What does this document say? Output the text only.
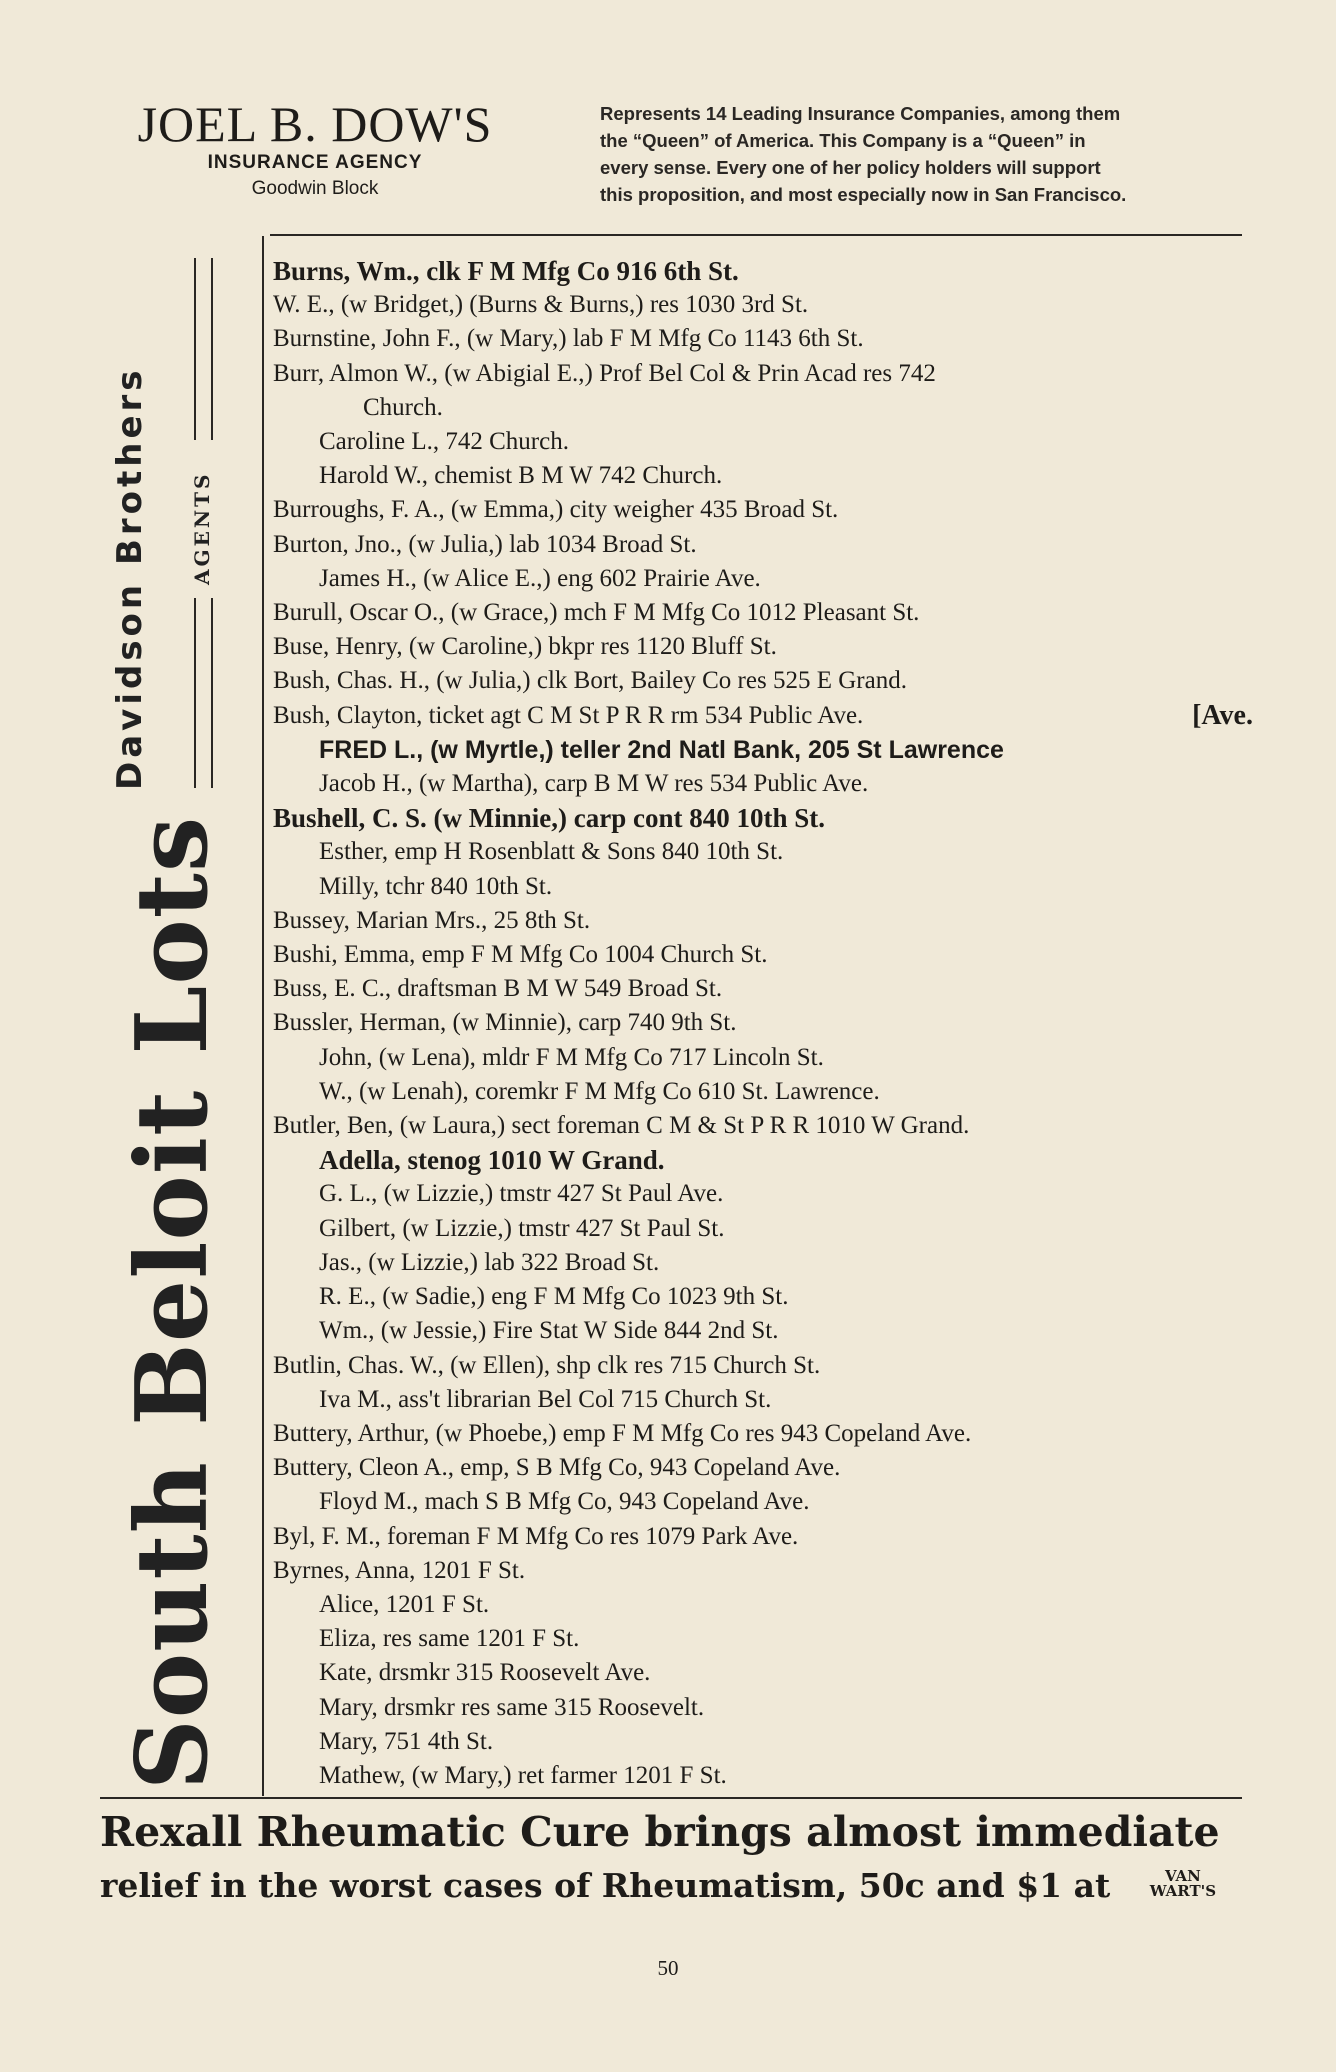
JOEL B. DOW'S
INSURANCE AGENCY
Goodwin Block
Represents 14 Leading Insurance Companies, among them
the “Queen” of America. This Company is a “Queen” in
every sense. Every one of her policy holders will support
this proposition, and most especially now in San Francisco.
South Beloit Lots
Davidson Brothers AGENTS
Burns, Wm., clk F M Mfg Co 916 6th St.
W. E., (w Bridget,) (Burns & Burns,) res 1030 3rd St.
Burnstine, John F., (w Mary,) lab F M Mfg Co 1143 6th St.
Burr, Almon W., (w Abigial E.,) Prof Bel Col & Prin Acad res 742
Church.
Caroline L., 742 Church.
Harold W., chemist B M W 742 Church.
Burroughs, F. A., (w Emma,) city weigher 435 Broad St.
Burton, Jno., (w Julia,) lab 1034 Broad St.
James H., (w Alice E.,) eng 602 Prairie Ave.
Burull, Oscar O., (w Grace,) mch F M Mfg Co 1012 Pleasant St.
Buse, Henry, (w Caroline,) bkpr res 1120 Bluff St.
Bush, Chas. H., (w Julia,) clk Bort, Bailey Co res 525 E Grand.
Bush, Clayton, ticket agt C M St P R R rm 534 Public Ave.	[Ave.
FRED L., (w Myrtle,) teller 2nd Natl Bank, 205 St Lawrence
Jacob H., (w Martha), carp B M W res 534 Public Ave.
Bushell, C. S. (w Minnie,) carp cont 840 10th St.
Esther, emp H Rosenblatt & Sons 840 10th St.
Milly, tchr 840 10th St.
Bussey, Marian Mrs., 25 8th St.
Bushi, Emma, emp F M Mfg Co 1004 Church St.
Buss, E. C., draftsman B M W 549 Broad St.
Bussler, Herman, (w Minnie), carp 740 9th St.
John, (w Lena), mldr F M Mfg Co 717 Lincoln St.
W., (w Lenah), coremkr F M Mfg Co 610 St. Lawrence.
Butler, Ben, (w Laura,) sect foreman C M & St P R R 1010 W Grand.
Adella, stenog 1010 W Grand.
G. L., (w Lizzie,) tmstr 427 St Paul Ave.
Gilbert, (w Lizzie,) tmstr 427 St Paul St.
Jas., (w Lizzie,) lab 322 Broad St.
R. E., (w Sadie,) eng F M Mfg Co 1023 9th St.
Wm., (w Jessie,) Fire Stat W Side 844 2nd St.
Butlin, Chas. W., (w Ellen), shp clk res 715 Church St.
Iva M., ass't librarian Bel Col 715 Church St.
Buttery, Arthur, (w Phoebe,) emp F M Mfg Co res 943 Copeland Ave.
Buttery, Cleon A., emp, S B Mfg Co, 943 Copeland Ave.
Floyd M., mach S B Mfg Co, 943 Copeland Ave.
Byl, F. M., foreman F M Mfg Co res 1079 Park Ave.
Byrnes, Anna, 1201 F St.
Alice, 1201 F St.
Eliza, res same 1201 F St.
Kate, drsmkr 315 Roosevelt Ave.
Mary, drsmkr res same 315 Roosevelt.
Mary, 751 4th St.
Mathew, (w Mary,) ret farmer 1201 F St.
Rexall Rheumatic Cure brings almost immediate
relief in the worst cases of Rheumatism, 50c and $1 at	VAN
WART'S
50
